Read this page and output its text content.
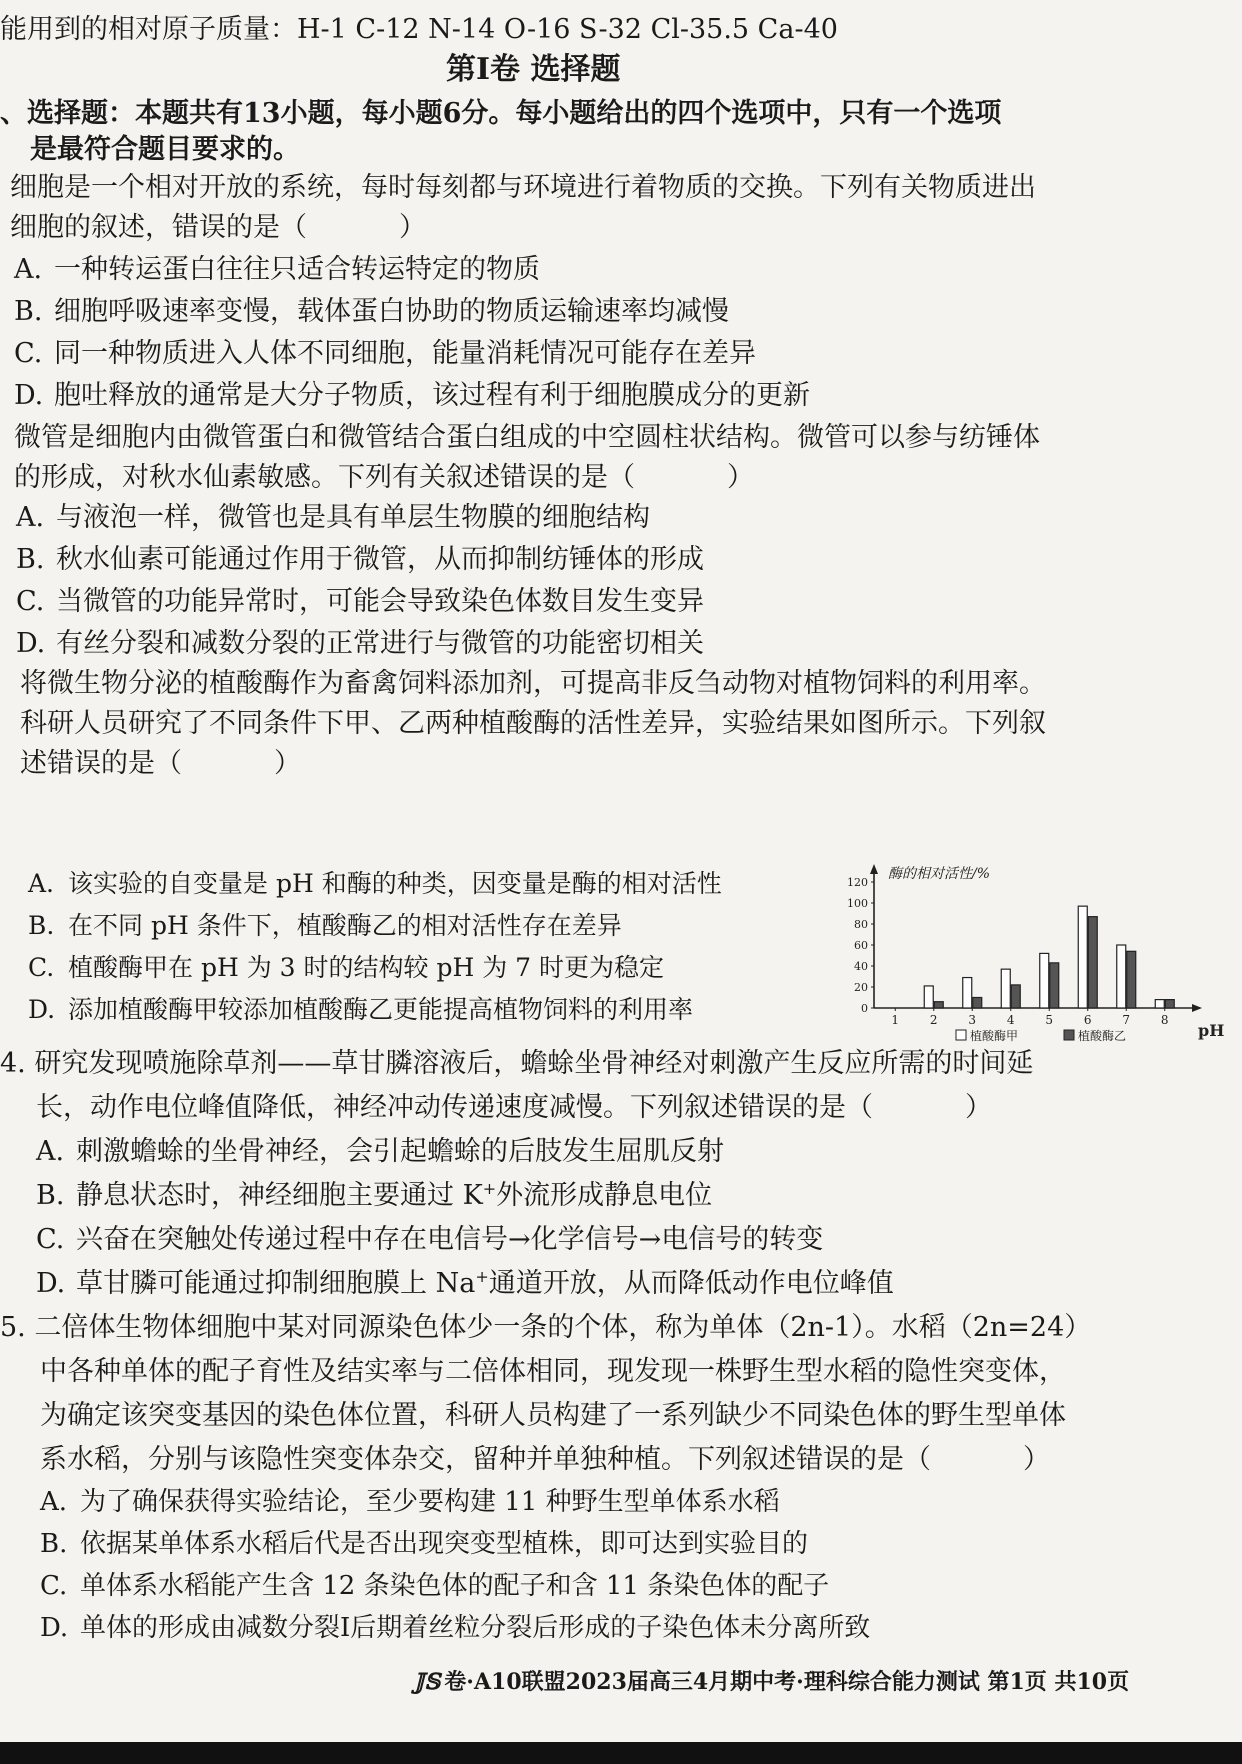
能用到的相对原子质量：H-1 C-12 N-14 O-16 S-32 Cl-35.5 Ca-40
第Ⅰ卷 选择题
、选择题：本题共有13小题，每小题6分。每小题给出的四个选项中，只有一个选项
是最符合题目要求的。
细胞是一个相对开放的系统，每时每刻都与环境进行着物质的交换。下列有关物质进出
细胞的叙述，错误的是（	）
A. 一种转运蛋白往往只适合转运特定的物质
B. 细胞呼吸速率变慢，载体蛋白协助的物质运输速率均减慢
C. 同一种物质进入人体不同细胞，能量消耗情况可能存在差异
D. 胞吐释放的通常是大分子物质，该过程有利于细胞膜成分的更新
微管是细胞内由微管蛋白和微管结合蛋白组成的中空圆柱状结构。微管可以参与纺锤体
的形成，对秋水仙素敏感。下列有关叙述错误的是（	）
A. 与液泡一样，微管也是具有单层生物膜的细胞结构
B. 秋水仙素可能通过作用于微管，从而抑制纺锤体的形成
C. 当微管的功能异常时，可能会导致染色体数目发生变异
D. 有丝分裂和减数分裂的正常进行与微管的功能密切相关
将微生物分泌的植酸酶作为畜禽饲料添加剂，可提高非反刍动物对植物饲料的利用率。
科研人员研究了不同条件下甲、乙两种植酸酶的活性差异，实验结果如图所示。下列叙
述错误的是（	）
A. 该实验的自变量是 pH 和酶的种类，因变量是酶的相对活性
B. 在不同 pH 条件下，植酸酶乙的相对活性存在差异
C. 植酸酶甲在 pH 为 3 时的结构较 pH 为 7 时更为稳定
D. 添加植酸酶甲较添加植酸酶乙更能提高植物饲料的利用率	0
20
40
60
80
100
120
酶的相对活性/%
1	2	3	4	5	6	7	8
pH
植酸酶甲	植酸酶乙
4. 研究发现喷施除草剂——草甘膦溶液后，蟾蜍坐骨神经对刺激产生反应所需的时间延
长，动作电位峰值降低，神经冲动传递速度减慢。下列叙述错误的是（	）
A. 刺激蟾蜍的坐骨神经，会引起蟾蜍的后肢发生屈肌反射
B. 静息状态时，神经细胞主要通过 K+外流形成静息电位
C. 兴奋在突触处传递过程中存在电信号→化学信号→电信号的转变
D. 草甘膦可能通过抑制细胞膜上 Na+通道开放，从而降低动作电位峰值
5. 二倍体生物体细胞中某对同源染色体少一条的个体，称为单体（2n-1）。水稻（2n=24）
中各种单体的配子育性及结实率与二倍体相同，现发现一株野生型水稻的隐性突变体，
为确定该突变基因的染色体位置，科研人员构建了一系列缺少不同染色体的野生型单体
系水稻，分别与该隐性突变体杂交，留种并单独种植。下列叙述错误的是（	）
A. 为了确保获得实验结论，至少要构建 11 种野生型单体系水稻
B. 依据某单体系水稻后代是否出现突变型植株，即可达到实验目的
C. 单体系水稻能产生含 12 条染色体的配子和含 11 条染色体的配子
D. 单体的形成由减数分裂Ⅰ后期着丝粒分裂后形成的子染色体未分离所致
𝕁𝕊 卷·A10联盟2023届高三4月期中考·理科综合能力测试 第1页 共10页
